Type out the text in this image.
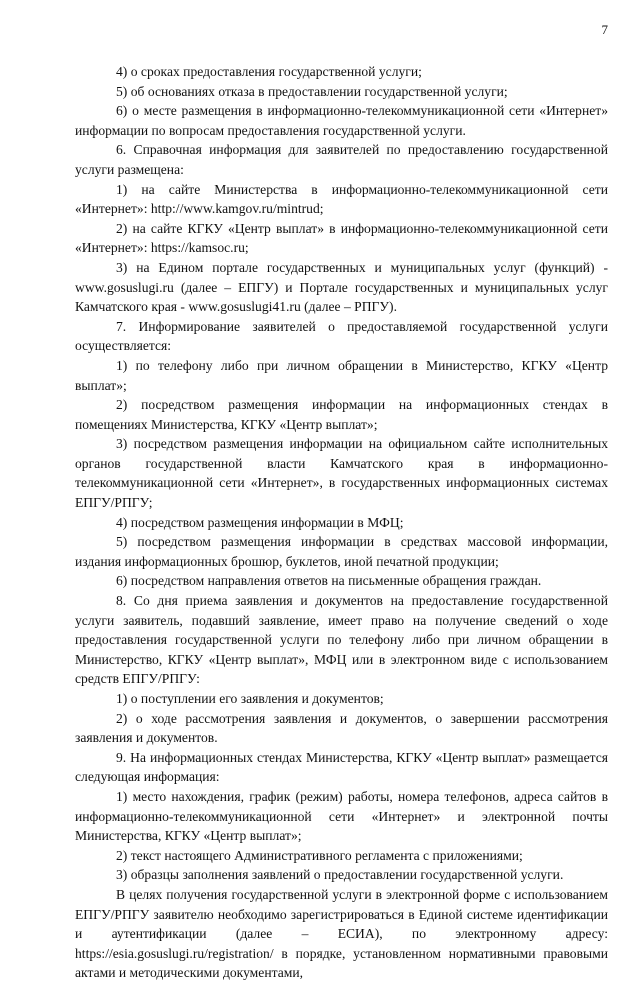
7

4) о сроках предоставления государственной услуги;

5) об основаниях отказа в предоставлении государственной услуги;

6) о месте размещения в информационно-телекоммуникационной сети «Интернет» информации по вопросам предоставления государственной услуги.

6. Справочная информация для заявителей по предоставлению государственной услуги размещена:

1) на сайте Министерства в информационно-телекоммуникационной сети «Интернет»: http://www.kamgov.ru/mintrud;

2) на сайте КГКУ «Центр выплат» в информационно-телекоммуникационной сети «Интернет»: https://kamsoc.ru;

3) на Едином портале государственных и муниципальных услуг (функций) - www.gosuslugi.ru (далее – ЕПГУ) и Портале государственных и муниципальных услуг Камчатского края - www.gosuslugi41.ru (далее – РПГУ).

7. Информирование заявителей о предоставляемой государственной услуги осуществляется:

1) по телефону либо при личном обращении в Министерство, КГКУ «Центр выплат»;

2) посредством размещения информации на информационных стендах в помещениях Министерства, КГКУ «Центр выплат»;

3) посредством размещения информации на официальном сайте исполнительных органов государственной власти Камчатского края в информационно-телекоммуникационной сети «Интернет», в государственных информационных системах ЕПГУ/РПГУ;

4) посредством размещения информации в МФЦ;

5) посредством размещения информации в средствах массовой информации, издания информационных брошюр, буклетов, иной печатной продукции;

6) посредством направления ответов на письменные обращения граждан.

8. Со дня приема заявления и документов на предоставление государственной услуги заявитель, подавший заявление, имеет право на получение сведений о ходе предоставления государственной услуги по телефону либо при личном обращении в Министерство, КГКУ «Центр выплат», МФЦ или в электронном виде с использованием средств ЕПГУ/РПГУ:

1) о поступлении его заявления и документов;

2) о ходе рассмотрения заявления и документов, о завершении рассмотрения заявления и документов.

9. На информационных стендах Министерства, КГКУ «Центр выплат» размещается следующая информация:

1) место нахождения, график (режим) работы, номера телефонов, адреса сайтов в информационно-телекоммуникационной сети «Интернет» и электронной почты Министерства, КГКУ «Центр выплат»;

2) текст настоящего Административного регламента с приложениями;

3) образцы заполнения заявлений о предоставлении государственной услуги.

В целях получения государственной услуги в электронной форме с использованием ЕПГУ/РПГУ заявителю необходимо зарегистрироваться в Единой системе идентификации и аутентификации (далее – ЕСИА), по электронному адресу: https://esia.gosuslugi.ru/registration/ в порядке, установленном нормативными правовыми актами и методическими документами,
